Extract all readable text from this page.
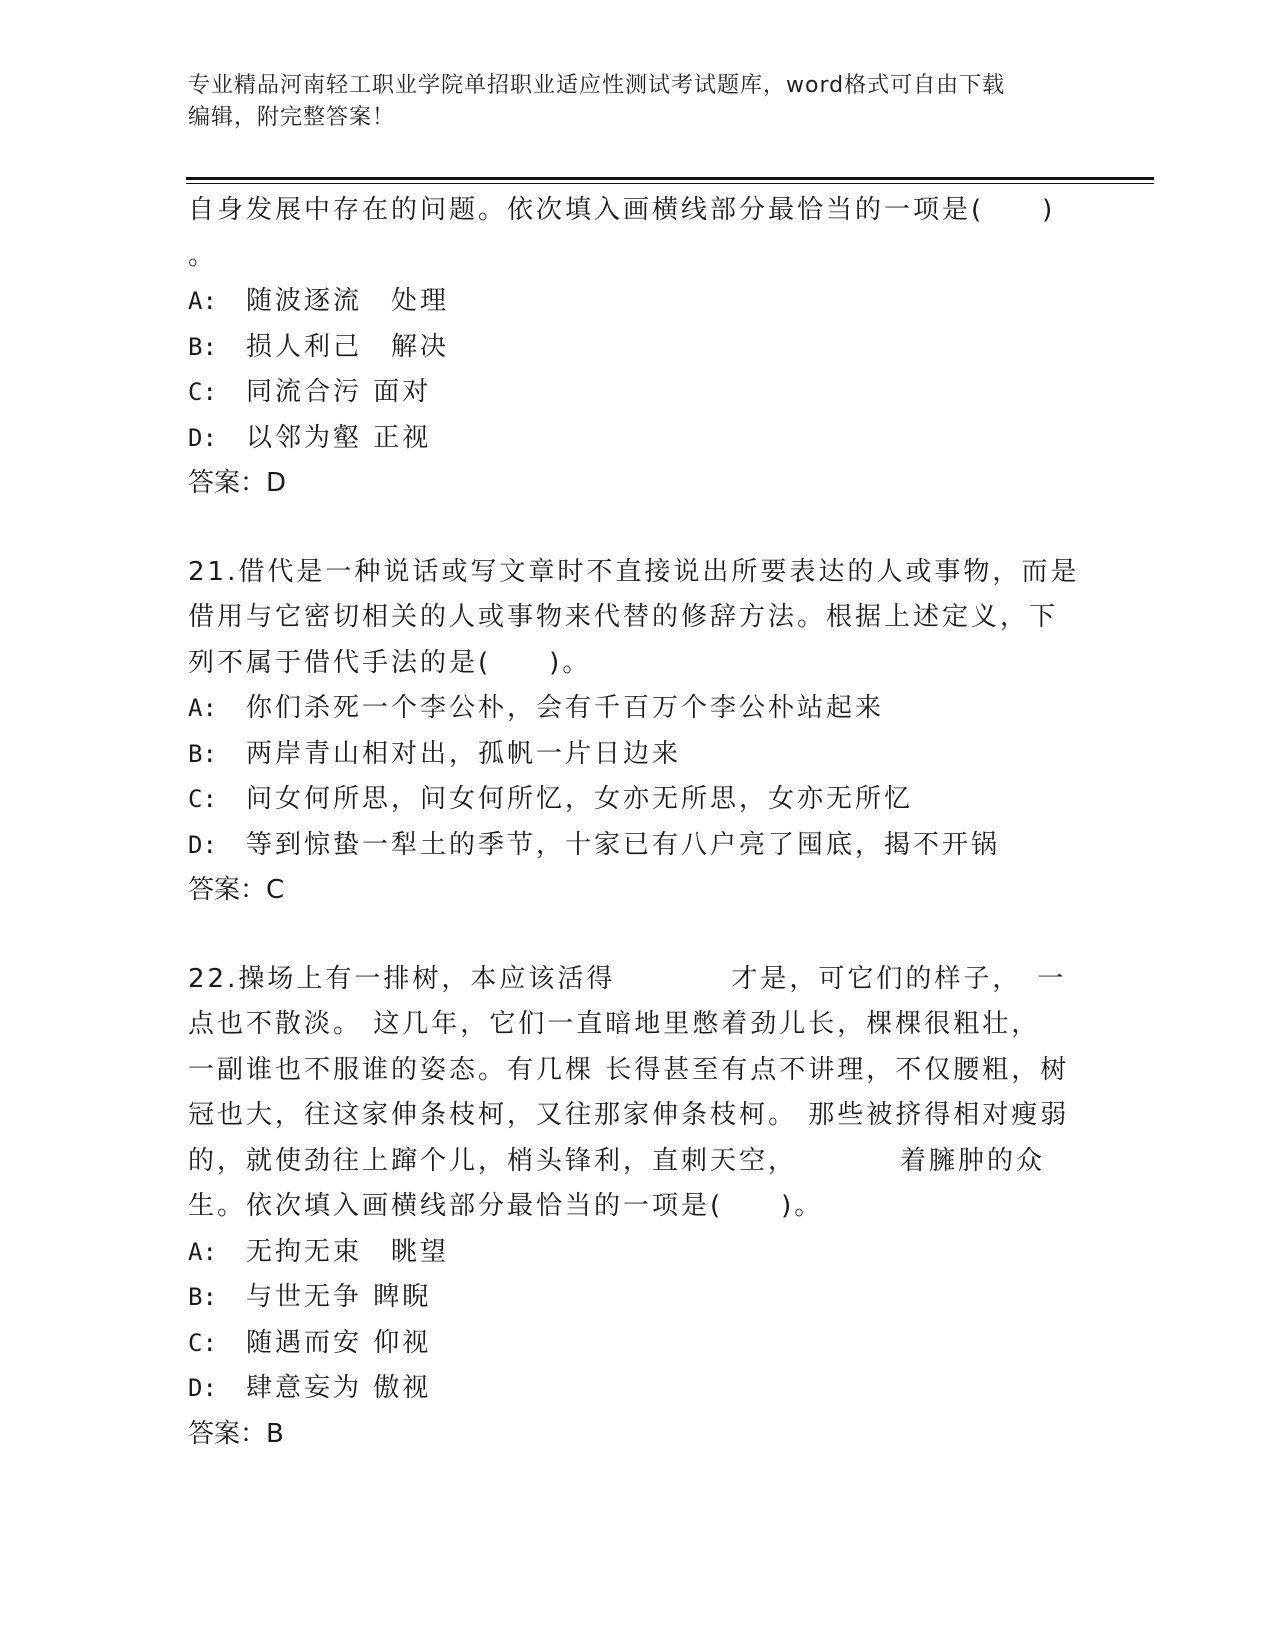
专业精品河南轻工职业学院单招职业适应性测试考试题库，word格式可自由下载
编辑，附完整答案！
自身发展中存在的问题。依次填入画横线部分最恰当的一项是(　　)
。
A:	随波逐流　处理
B:	损人利己　解决
C:	同流合污 面对
D:	以邻为壑 正视
答案：D
21.借代是一种说话或写文章时不直接说出所要表达的人或事物，而是
借用与它密切相关的人或事物来代替的修辞方法。根据上述定义，下
列不属于借代手法的是(　　)。
A:	你们杀死一个李公朴，会有千百万个李公朴站起来
B:	两岸青山相对出，孤帆一片日边来
C:	问女何所思，问女何所忆，女亦无所思，女亦无所忆
D:	等到惊蛰一犁土的季节，十家已有八户亮了囤底，揭不开锅
答案：C
22.操场上有一排树，本应该活得　　　　才是，可它们的样子，　一
点也不散淡。 这几年，它们一直暗地里憋着劲儿长，棵棵很粗壮，
一副谁也不服谁的姿态。有几棵 长得甚至有点不讲理，不仅腰粗，树
冠也大，往这家伸条枝柯，又往那家伸条枝柯。 那些被挤得相对瘦弱
的，就使劲往上蹿个儿，梢头锋利，直刺天空，　　　　着臃肿的众
生。依次填入画横线部分最恰当的一项是(　　)。
A:	无拘无束　眺望
B:	与世无争 睥睨
C:	随遇而安 仰视
D:	肆意妄为 傲视
答案：B
